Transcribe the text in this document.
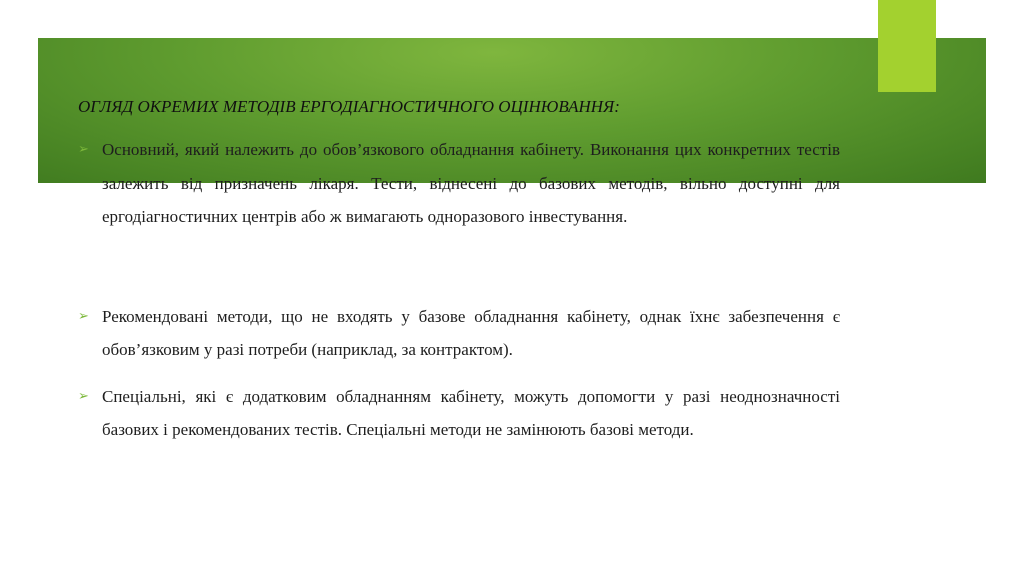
ОГЛЯД ОКРЕМИХ МЕТОДІВ ЕРГОДІАГНОСТИЧНОГО ОЦІНЮВАННЯ:
➢ Основний, який належить до обов’язкового обладнання кабінету. Виконання цих конкретних тестів залежить від призначень лікаря. Тести, віднесені до базових методів, вільно доступні для ергодіагностичних центрів або ж вимагають одноразового інвестування.
➢ Рекомендовані методи, що не входять у базове обладнання кабінету, однак їхнє забезпечення є обов’язковим у разі потреби (наприклад, за контрактом).
➢ Спеціальні, які є додатковим обладнанням кабінету, можуть допомогти у разі неоднозначності базових і рекомендованих тестів. Спеціальні методи не замінюють базові методи.
